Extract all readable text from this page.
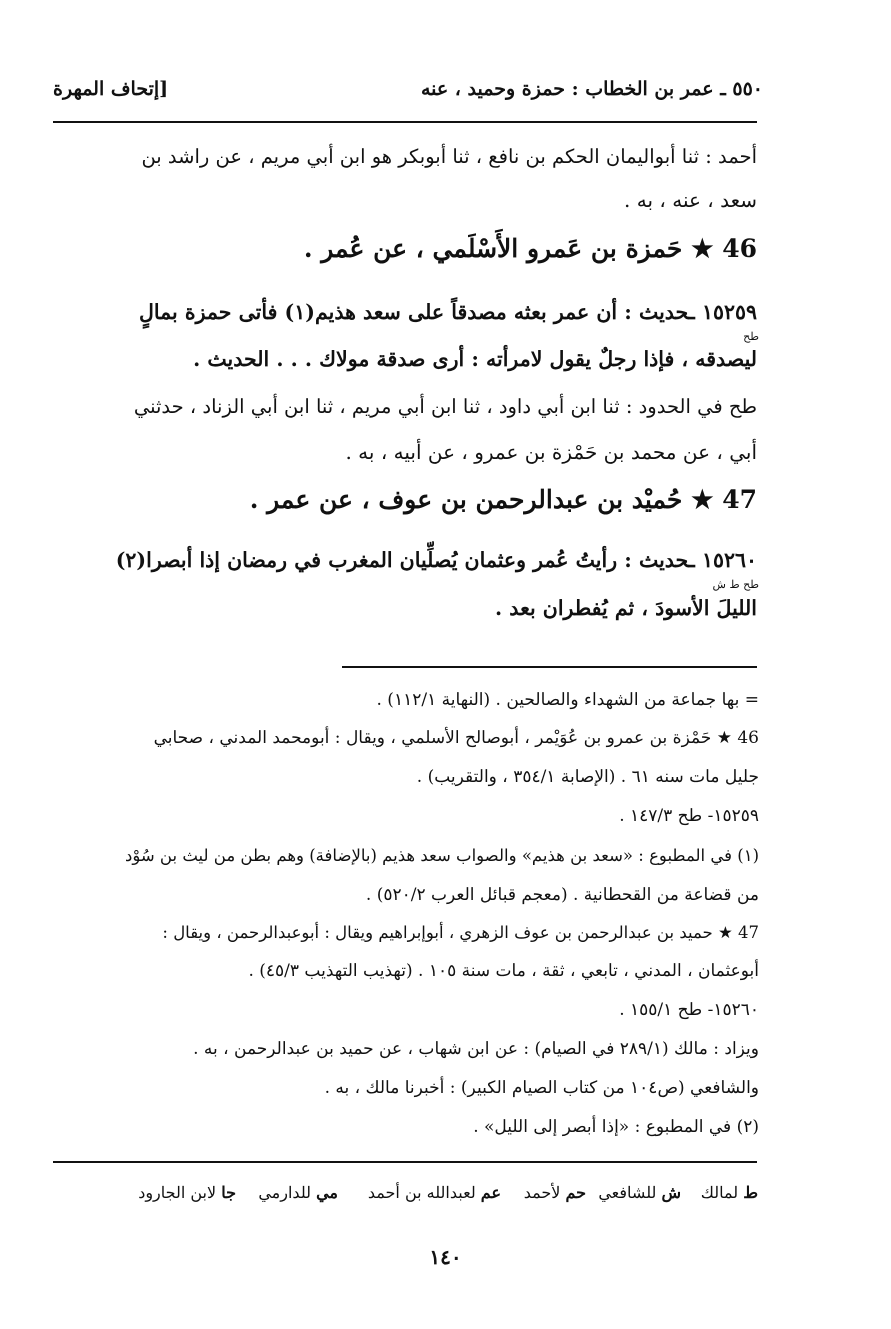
٥٥٠ ـ عمر بن الخطاب : حمزة وحميد ، عنه
[إتحاف المهرة
أحمد : ثنا أبواليمان الحكم بن نافع ، ثنا أبوبكر هو ابن أبي مريم ، عن راشد بن
سعد ، عنه ، به .
46 ★ حَمزة بن عَمرو الأَسْلَمي ، عن عُمر .
١٥٢٥٩ ـحديث : أن عمر بعثه مصدقاً على سعد هذيم(١) فأتى حمزة بمالٍ
طح
ليصدقه ، فإذا رجلٌ يقول لامرأته : أرى صدقة مولاك . . . الحديث .
طح في الحدود : ثنا ابن أبي داود ، ثنا ابن أبي مريم ، ثنا ابن أبي الزناد ، حدثني
أبي ، عن محمد بن حَمْزة بن عمرو ، عن أبيه ، به .
47 ★ حُميْد بن عبدالرحمن بن عوف ، عن عمر .
١٥٢٦٠ ـحديث : رأيتُ عُمر وعثمان يُصلِّيان المغرب في رمضان إذا أبصرا(٢)
طح ط ش
الليلَ الأسودَ ، ثم يُفطران بعد .
= بها جماعة من الشهداء والصالحين . (النهاية ١١٢/١) .
46 ★ حَمْزة بن عمرو بن عُوَيْمر ، أبوصالح الأسلمي ، ويقال : أبومحمد المدني ، صحابي
جليل مات سنه ٦١ . (الإصابة ٣٥٤/١ ، والتقريب) .
١٥٢٥٩- طح ١٤٧/٣ .
(١) في المطبوع : «سعد بن هذيم» والصواب سعد هذيم (بالإضافة) وهم بطن من ليث بن سُوْد
من قضاعة من القحطانية . (معجم قبائل العرب ٥٢٠/٢) .
47 ★ حميد بن عبدالرحمن بن عوف الزهري ، أبوإبراهيم ويقال : أبوعبدالرحمن ، ويقال :
أبوعثمان ، المدني ، تابعي ، ثقة ، مات سنة ١٠٥ . (تهذيب التهذيب ٤٥/٣) .
١٥٢٦٠- طح ١٥٥/١ .
ويزاد : مالك (٢٨٩/١ في الصيام) : عن ابن شهاب ، عن حميد بن عبدالرحمن ، به .
والشافعي (ص١٠٤ من كتاب الصيام الكبير) : أخبرنا مالك ، به .
(٢) في المطبوع : «إذا أبصر إلى الليل» .
ط لمالك
ش للشافعي
حم لأحمد
عم لعبدالله بن أحمد
مي للدارمي
جا لابن الجارود
١٤٠
